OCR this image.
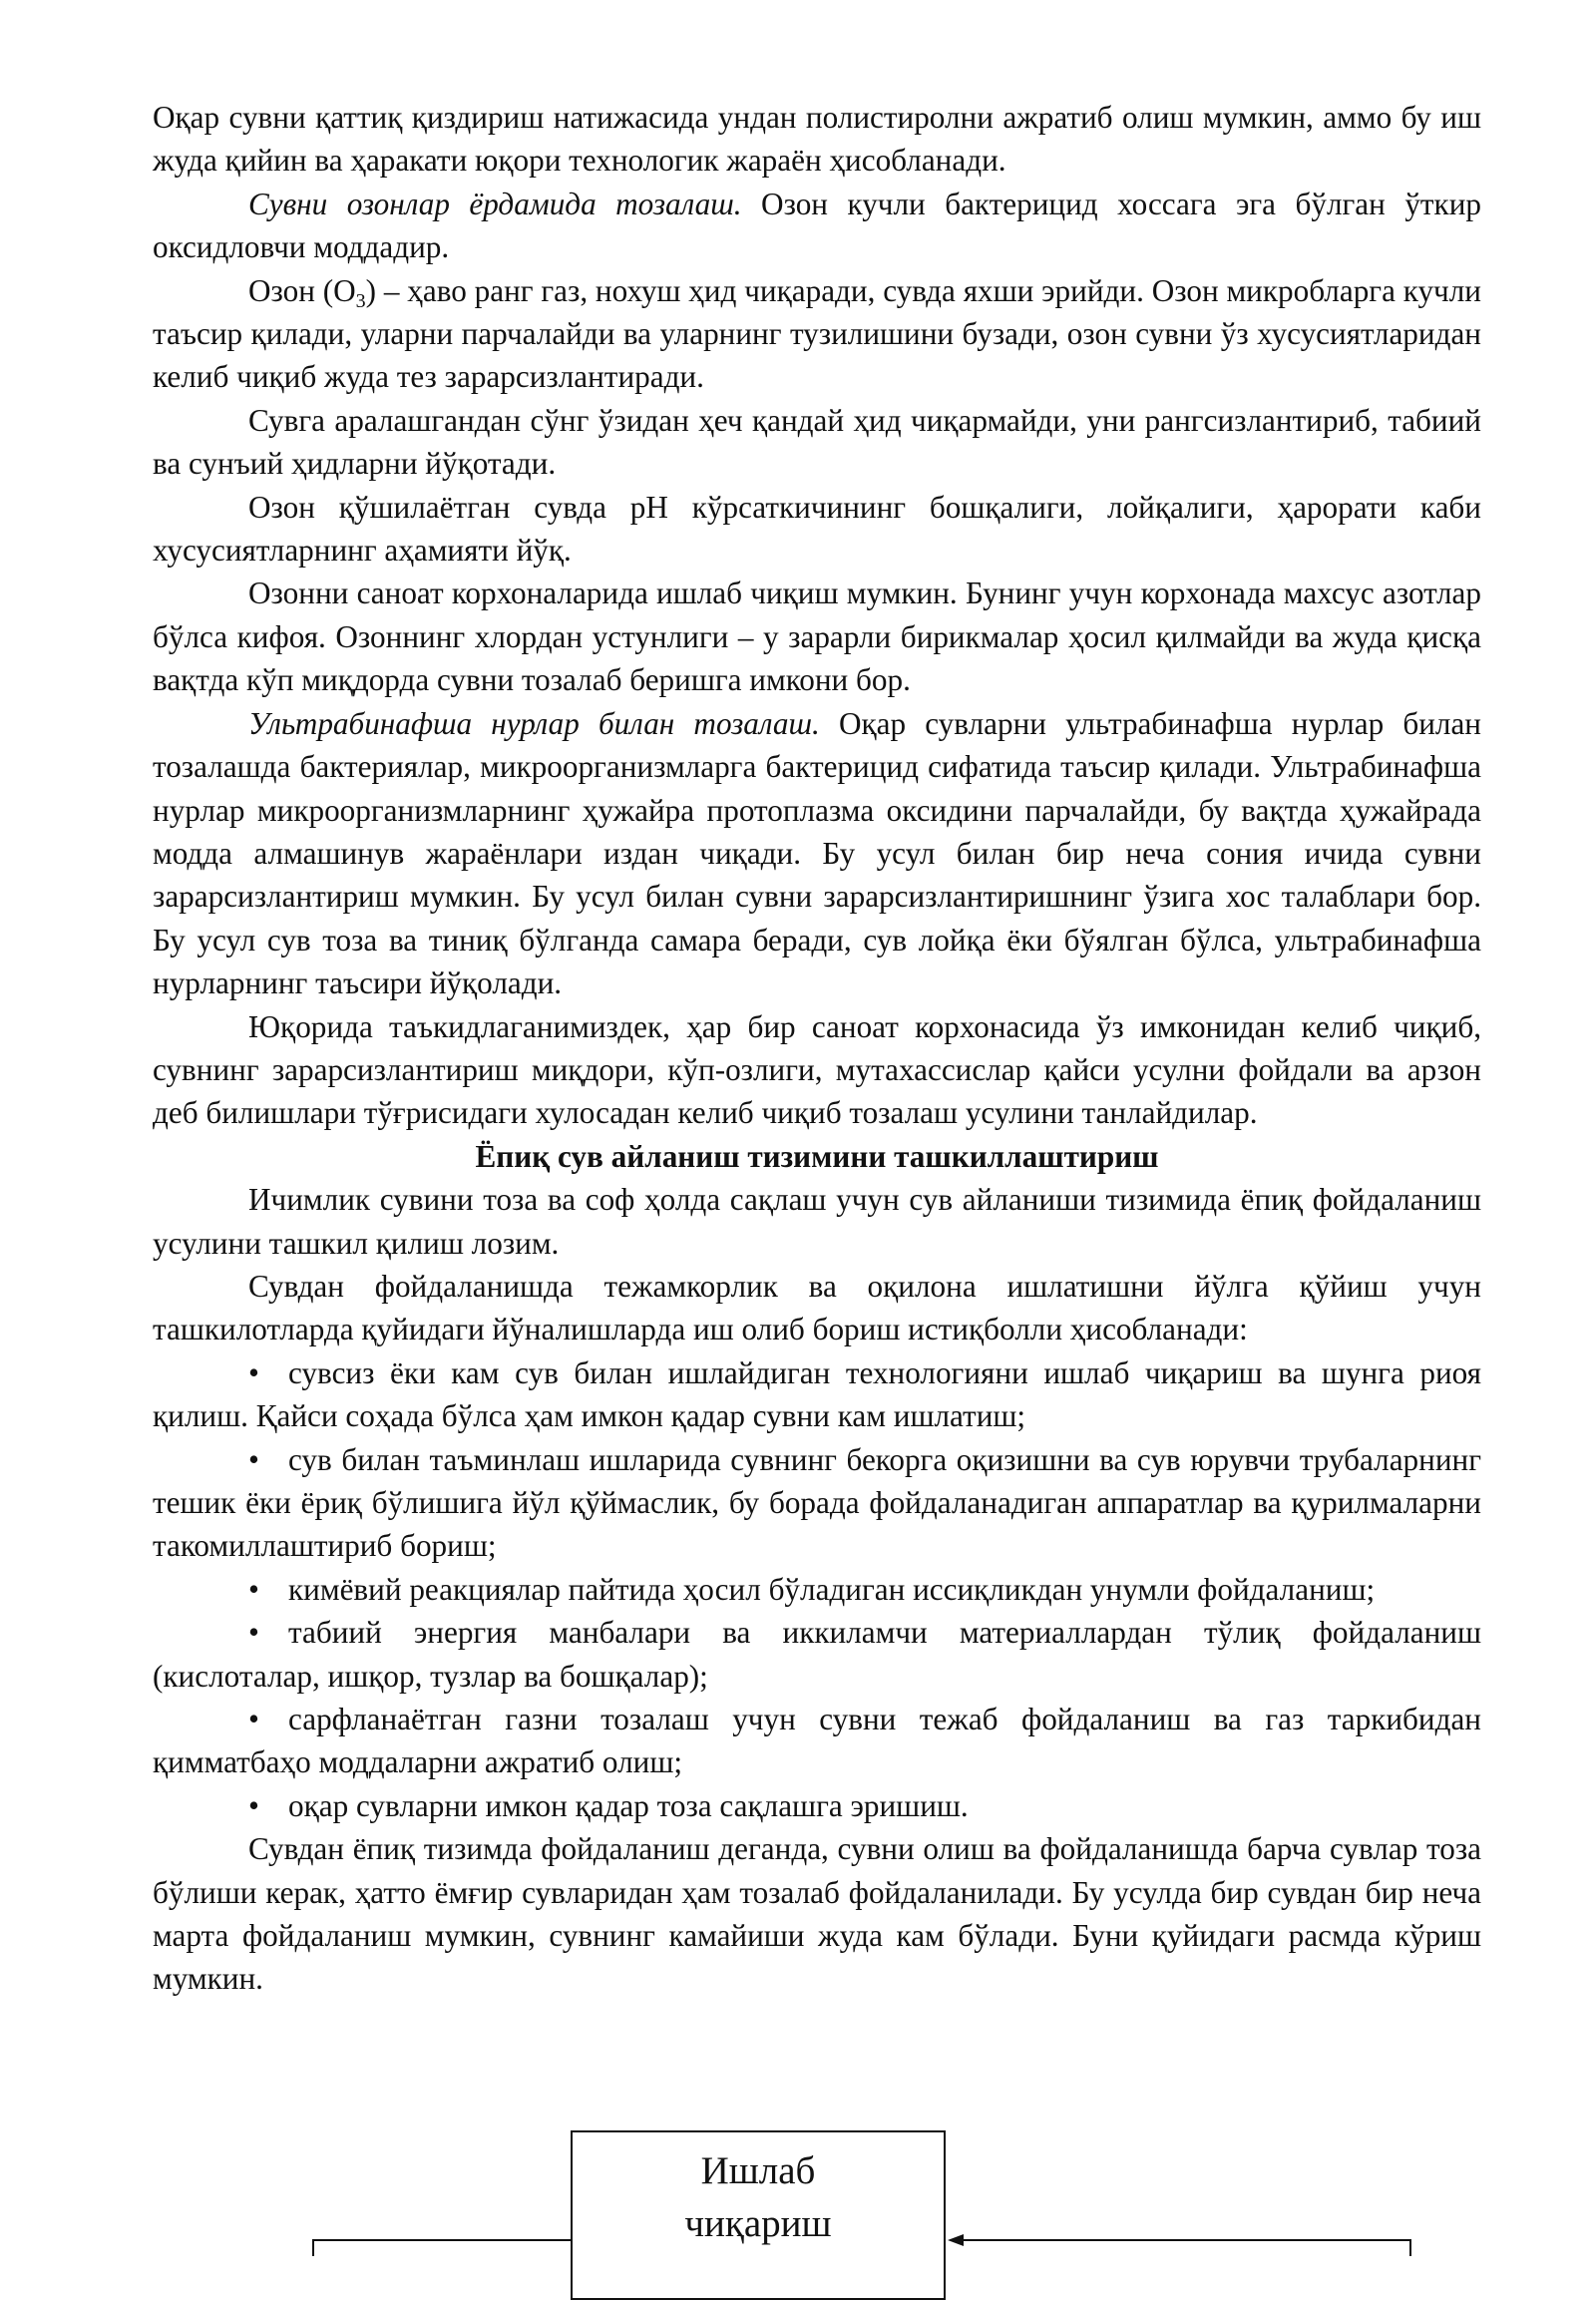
Оқар сувни қаттиқ қиздириш натижасида ундан полистиролни ажратиб олиш мумкин, аммо бу иш жуда қийин ва ҳаракати юқори технологик жараён ҳисобланади.

Сувни озонлар ёрдамида тозалаш. Озон кучли бактерицид хоссага эга бўлган ўткир оксидловчи моддадир.

Озон $(О_3)$ – ҳаво ранг газ, нохуш ҳид чиқаради, сувда яхши эрийди. Озон микробларга кучли таъсир қилади, уларни парчалайди ва уларнинг тузилишини бузади, озон сувни ўз хусусиятларидан келиб чиқиб жуда тез зарарсизлантиради.

Сувга аралашгандан сўнг ўзидан ҳеч қандай ҳид чиқармайди, уни рангсизлантириб, табиий ва сунъий ҳидларни йўқотади.

Озон қўшилаётган сувда рН кўрсаткичининг бошқалиги, лойқалиги, ҳарорати каби хусусиятларнинг аҳамияти йўқ.

Озонни саноат корхоналарида ишлаб чиқиш мумкин. Бунинг учун корхонада махсус азотлар бўлса кифоя. Озоннинг хлордан устунлиги – у зарарли бирикмалар ҳосил қилмайди ва жуда қисқа вақтда кўп миқдорда сувни тозалаб беришга имкони бор.

Ультрабинафша нурлар билан тозалаш. Оқар сувларни ультрабинафша нурлар билан тозалашда бактериялар, микроорганизмларга бактерицид сифатида таъсир қилади. Ультрабинафша нурлар микроорганизмларнинг ҳужайра протоплазма оксидини парчалайди, бу вақтда ҳужайрада модда алмашинув жараёнлари издан чиқади. Бу усул билан бир неча сония ичида сувни зарарсизлантириш мумкин. Бу усул билан сувни зарарсизлантиришнинг ўзига хос талаблари бор. Бу усул сув тоза ва тиниқ бўлганда самара беради, сув лойқа ёки бўялган бўлса, ультрабинафша нурларнинг таъсири йўқолади.

Юқорида таъкидлаганимиздек, ҳар бир саноат корхонасида ўз имконидан келиб чиқиб, сувнинг зарарсизлантириш миқдори, кўп-озлиги, мутахассислар қайси усулни фойдали ва арзон деб билишлари тўғрисидаги хулосадан келиб чиқиб тозалаш усулини танлайдилар.

Ёпиқ сув айланиш тизимини ташкиллаштириш

Ичимлик сувини тоза ва соф ҳолда сақлаш учун сув айланиши тизимида ёпиқ фойдаланиш усулини ташкил қилиш лозим.

Сувдан фойдаланишда тежамкорлик ва оқилона ишлатишни йўлга қўйиш учун ташкилотларда қуйидаги йўналишларда иш олиб бориш истиқболли ҳисобланади:

• сувсиз ёки кам сув билан ишлайдиган технологияни ишлаб чиқариш ва шунга риоя қилиш. Қайси соҳада бўлса ҳам имкон қадар сувни кам ишлатиш;

• сув билан таъминлаш ишларида сувнинг бекорга оқизишни ва сув юрувчи трубаларнинг тешик ёки ёриқ бўлишига йўл қўймаслик, бу борада фойдаланадиган аппаратлар ва қурилмаларни такомиллаштириб бориш;

• кимёвий реакциялар пайтида ҳосил бўладиган иссиқликдан унумли фойдаланиш;

• табиий энергия манбалари ва иккиламчи материаллардан тўлиқ фойдаланиш (кислоталар, ишқор, тузлар ва бошқалар);

• сарфланаётган газни тозалаш учун сувни тежаб фойдаланиш ва газ таркибидан қимматбаҳо моддаларни ажратиб олиш;

• оқар сувларни имкон қадар тоза сақлашга эришиш.

Сувдан ёпиқ тизимда фойдаланиш деганда, сувни олиш ва фойдаланишда барча сувлар тоза бўлиши керак, ҳатто ёмғир сувларидан ҳам тозалаб фойдаланилади. Бу усулда бир сувдан бир неча марта фойдаланиш мумкин, сувнинг камайиши жуда кам бўлади. Буни қуйидаги расмда кўриш мумкин.

Ишлаб
чиқариш
